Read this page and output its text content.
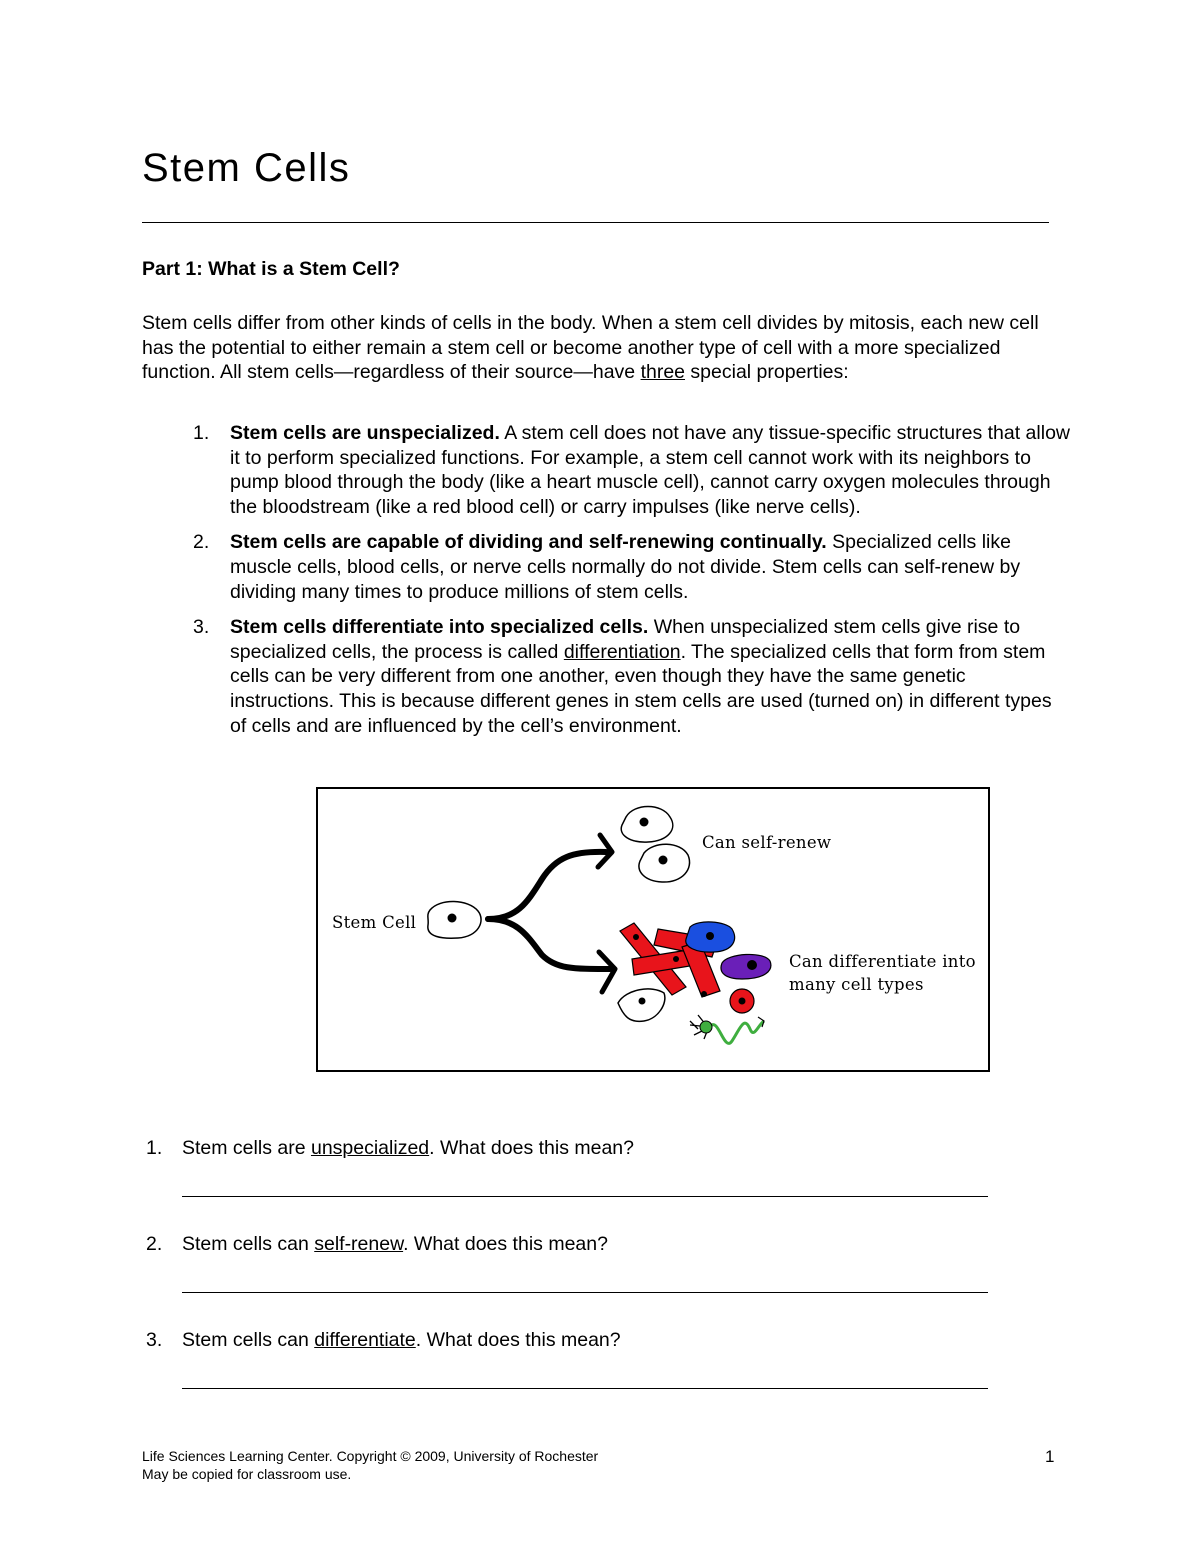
Stem Cells
Part 1: What is a Stem Cell?

Stem cells differ from other kinds of cells in the body. When a stem cell divides by mitosis, each new cell has the potential to either remain a stem cell or become another type of cell with a more specialized function. All stem cells—regardless of their source—have three special properties:

1. Stem cells are unspecialized. A stem cell does not have any tissue-specific structures that allow it to perform specialized functions. For example, a stem cell cannot work with its neighbors to pump blood through the body (like a heart muscle cell), cannot carry oxygen molecules through the bloodstream (like a red blood cell) or carry impulses (like nerve cells).
2. Stem cells are capable of dividing and self-renewing continually. Specialized cells like muscle cells, blood cells, or nerve cells normally do not divide. Stem cells can self-renew by dividing many times to produce millions of stem cells.
3. Stem cells differentiate into specialized cells. When unspecialized stem cells give rise to specialized cells, the process is called differentiation. The specialized cells that form from stem cells can be very different from one another, even though they have the same genetic instructions. This is because different genes in stem cells are used (turned on) in different types of cells and are influenced by the cell’s environment.
Stem Cell
Can self-renew
Can differentiate into
many cell types
1. Stem cells are unspecialized. What does this mean?
2. Stem cells can self-renew. What does this mean?
3. Stem cells can differentiate. What does this mean?
Life Sciences Learning Center. Copyright © 2009, University of Rochester
May be copied for classroom use.
1
